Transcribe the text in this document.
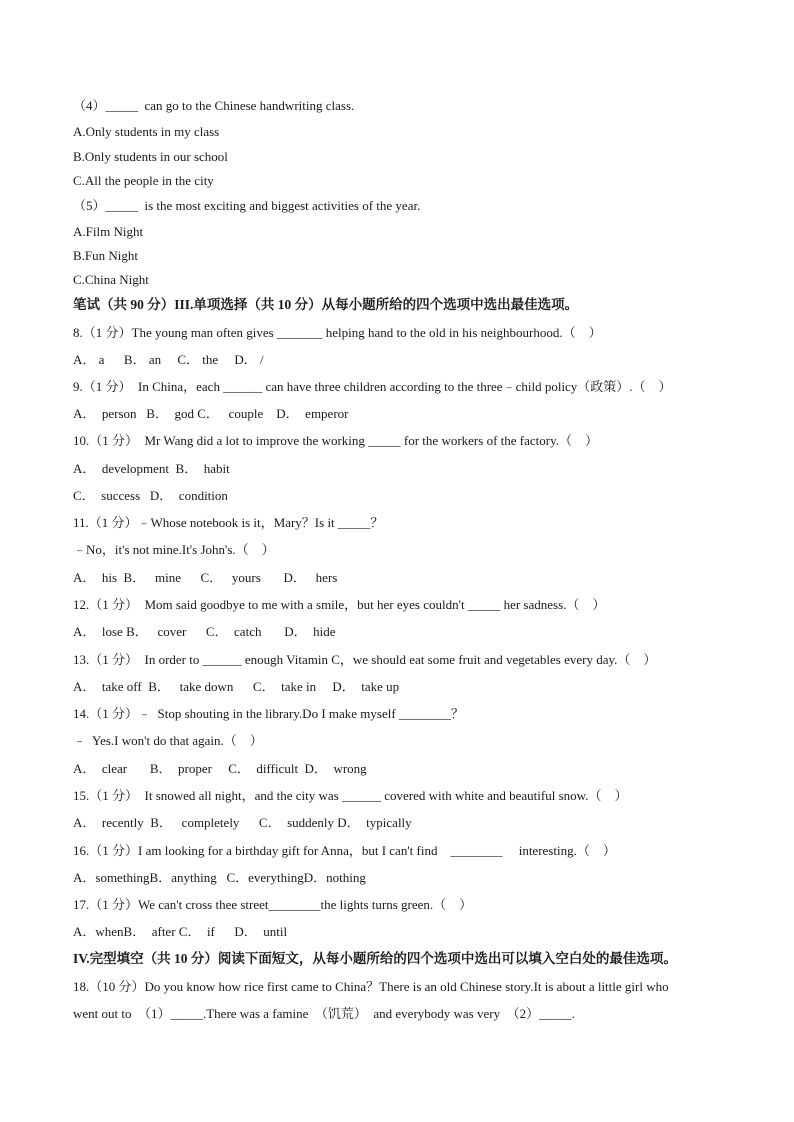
（4）_____  can go to the Chinese handwriting class.
A.Only students in my class
B.Only students in our school
C.All the people in the city
（5）_____  is the most exciting and biggest activities of the year.
A.Film Night
B.Fun Night
C.China Night
笔试（共 90 分）III.单项选择（共 10 分）从每小题所给的四个选项中选出最佳选项。
8.（1 分）The young man often gives _______ helping hand to the old in his neighbourhood.（    ）
A． a      B． an     C． the     D． /
9.（1 分）  In China，each ______ can have three children according to the three﹣child policy（政策）.（    ）
A．  person   B．  god C．   couple    D．  emperor
10.（1 分）  Mr Wang did a lot to improve the working _____ for the workers of the factory.（    ）
A．  development  B．  habit
C．  success   D．  condition
11.（1 分）﹣Whose notebook is it，Mary？Is it _____？
﹣No，it's not mine.It's John's.（    ）
A．  his  B．   mine      C．   yours       D．   hers
12.（1 分）  Mom said goodbye to me with a smile，but her eyes couldn't _____ her sadness.（    ）
A．  lose B．   cover      C．  catch       D．  hide
13.（1 分）  In order to ______ enough Vitamin C，we should eat some fruit and vegetables every day.（    ）
A．  take off  B．   take down      C．  take in     D．  take up
14.（1 分）﹣  Stop shouting in the library.Do I make myself ________？
﹣  Yes.I won't do that again.（    ）
A．  clear       B．  proper     C．  difficult  D．  wrong
15.（1 分）  It snowed all night，and the city was ______ covered with white and beautiful snow.（    ）
A．  recently  B．   completely      C．  suddenly D．  typically
16.（1 分）I am looking for a birthday gift for Anna，but I can't find    ________     interesting.（    ）
A．somethingB．anything   C．everythingD．nothing
17.（1 分）We can't cross thee street________the lights turns green.（    ）
A．whenB．  after C．  if      D．  until
IV.完型填空（共 10 分）阅读下面短文，从每小题所给的四个选项中选出可以填入空白处的最佳选项。
18.（10 分）Do you know how rice first came to China？There is an old Chinese story.It is about a little girl who
went out to  （1）_____.There was a famine  （饥荒）  and everybody was very  （2）_____.
